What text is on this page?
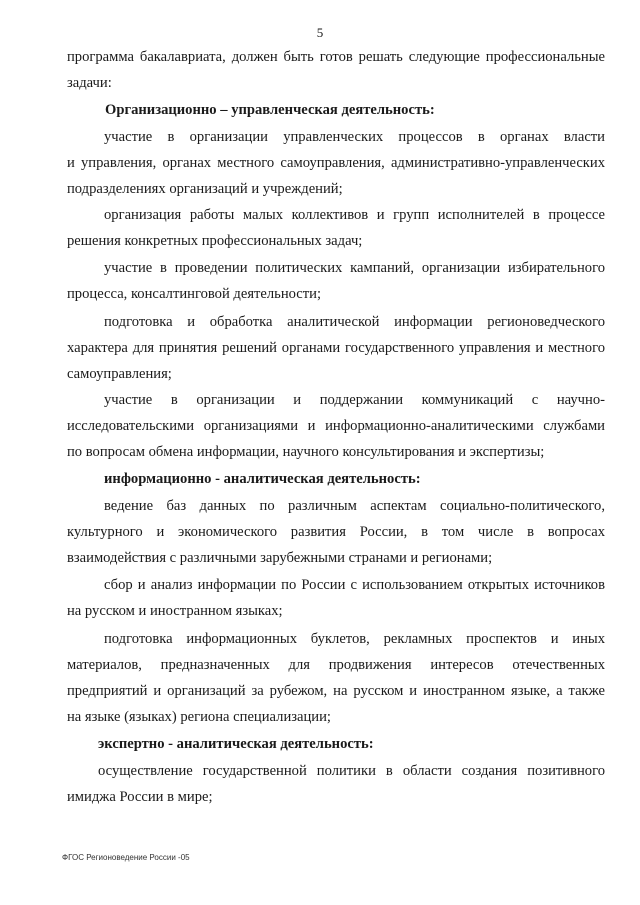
5
программа бакалавриата, должен быть готов решать следующие профессиональные
задачи:
Организационно – управленческая деятельность:
участие в организации управленческих процессов в органах власти
и управления, органах местного самоуправления, административно-управленческих
подразделениях организаций и учреждений;
организация работы малых коллективов и групп исполнителей в процессе
решения конкретных профессиональных задач;
участие в проведении политических кампаний, организации избирательного
процесса, консалтинговой деятельности;
подготовка и обработка аналитической информации регионоведческого
характера для принятия решений органами государственного управления и местного
самоуправления;
участие в организации и поддержании коммуникаций с научно-
исследовательскими организациями и информационно-аналитическими службами
по вопросам обмена информации, научного консультирования и экспертизы;
информационно - аналитическая деятельность:
ведение баз данных по различным аспектам социально-политического,
культурного и экономического развития России, в том числе в вопросах
взаимодействия с различными зарубежными странами и регионами;
сбор и анализ информации по России с использованием открытых источников
на русском и иностранном языках;
подготовка информационных буклетов, рекламных проспектов и иных
материалов, предназначенных для продвижения интересов отечественных
предприятий и организаций за рубежом, на русском и иностранном языке, а также
на языке (языках) региона специализации;
экспертно - аналитическая деятельность:
осуществление государственной политики в области создания позитивного
имиджа России в мире;
ФГОС Регионоведение России -05
